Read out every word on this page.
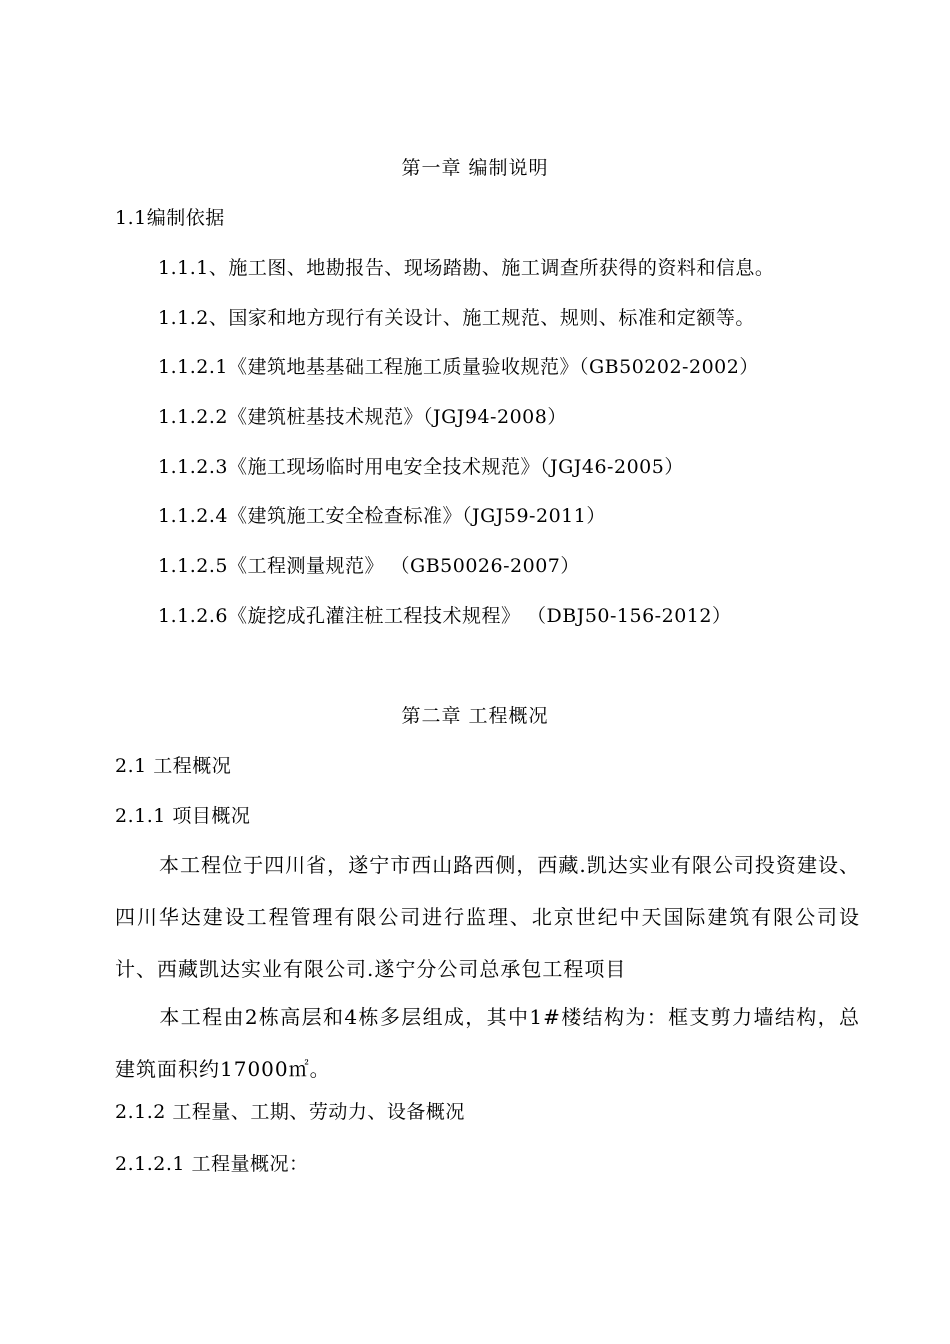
第一章 编制说明
1.1编制依据
1.1.1、施工图、地勘报告、现场踏勘、施工调查所获得的资料和信息。
1.1.2、国家和地方现行有关设计、施工规范、规则、标准和定额等。
1.1.2.1《建筑地基基础工程施工质量验收规范》（GB50202-2002）
1.1.2.2《建筑桩基技术规范》（JGJ94-2008）
1.1.2.3《施工现场临时用电安全技术规范》（JGJ46-2005）
1.1.2.4《建筑施工安全检查标准》（JGJ59-2011）
1.1.2.5《工程测量规范》 （GB50026-2007）
1.1.2.6《旋挖成孔灌注桩工程技术规程》 （DBJ50-156-2012）
第二章 工程概况
2.1 工程概况
2.1.1 项目概况
本工程位于四川省，遂宁市西山路西侧，西藏.凯达实业有限公司投资建设、四川华达建设工程管理有限公司进行监理、北京世纪中天国际建筑有限公司设计、西藏凯达实业有限公司.遂宁分公司总承包工程项目
本工程由2栋高层和4栋多层组成，其中1#楼结构为：框支剪力墙结构，总建筑面积约17000㎡。
2.1.2 工程量、工期、劳动力、设备概况
2.1.2.1 工程量概况：
